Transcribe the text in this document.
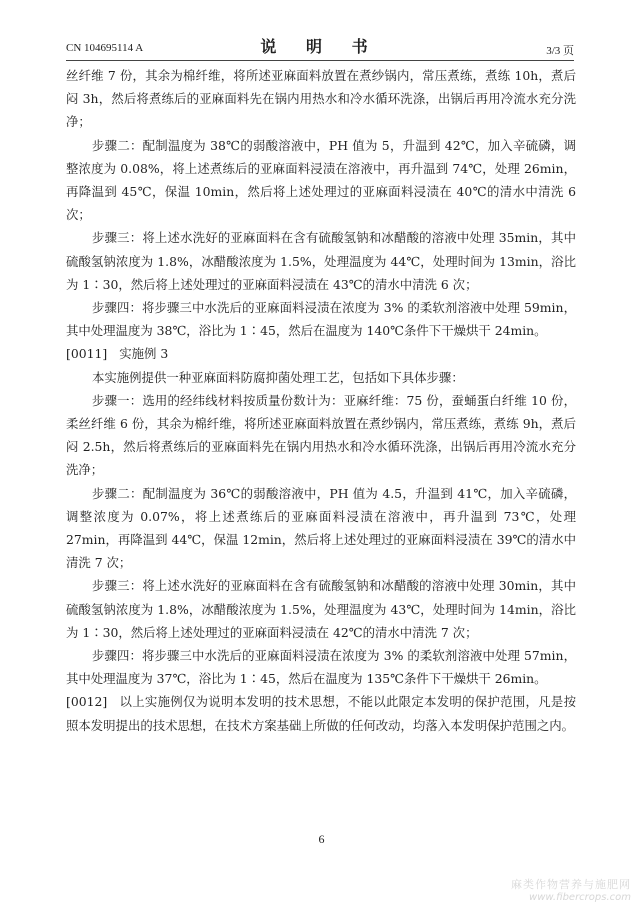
CN 104695114 A	说 明 书	3/3 页

丝纤维 7 份，其余为棉纤维，将所述亚麻面料放置在煮纱锅内，常压煮练，煮练 10h，煮后闷 3h，然后将煮练后的亚麻面料先在锅内用热水和冷水循环洗涤，出锅后再用冷流水充分洗净；

步骤二：配制温度为 38℃的弱酸溶液中，PH 值为 5，升温到 42℃，加入辛硫磷，调整浓度为 0.08%，将上述煮练后的亚麻面料浸渍在溶液中，再升温到 74℃，处理 26min，再降温到 45℃，保温 10min，然后将上述处理过的亚麻面料浸渍在 40℃的清水中清洗 6 次；

步骤三：将上述水洗好的亚麻面料在含有硫酸氢钠和冰醋酸的溶液中处理 35min，其中硫酸氢钠浓度为 1.8%，冰醋酸浓度为 1.5%，处理温度为 44℃，处理时间为 13min，浴比为 1∶30，然后将上述处理过的亚麻面料浸渍在 43℃的清水中清洗 6 次；

步骤四：将步骤三中水洗后的亚麻面料浸渍在浓度为 3% 的柔软剂溶液中处理 59min，其中处理温度为 38℃，浴比为 1∶45，然后在温度为 140℃条件下干燥烘干 24min。

[0011] 实施例 3

本实施例提供一种亚麻面料防腐抑菌处理工艺，包括如下具体步骤：

步骤一：选用的经纬线材料按质量份数计为：亚麻纤维：75 份，蚕蛹蛋白纤维 10 份，柔丝纤维 6 份，其余为棉纤维，将所述亚麻面料放置在煮纱锅内，常压煮练，煮练 9h，煮后闷 2.5h，然后将煮练后的亚麻面料先在锅内用热水和冷水循环洗涤，出锅后再用冷流水充分洗净；

步骤二：配制温度为 36℃的弱酸溶液中，PH 值为 4.5，升温到 41℃，加入辛硫磷，调整浓度为 0.07%，将上述煮练后的亚麻面料浸渍在溶液中，再升温到 73℃，处理 27min，再降温到 44℃，保温 12min，然后将上述处理过的亚麻面料浸渍在 39℃的清水中清洗 7 次；

步骤三：将上述水洗好的亚麻面料在含有硫酸氢钠和冰醋酸的溶液中处理 30min，其中硫酸氢钠浓度为 1.8%，冰醋酸浓度为 1.5%，处理温度为 43℃，处理时间为 14min，浴比为 1∶30，然后将上述处理过的亚麻面料浸渍在 42℃的清水中清洗 7 次；

步骤四：将步骤三中水洗后的亚麻面料浸渍在浓度为 3% 的柔软剂溶液中处理 57min，其中处理温度为 37℃，浴比为 1∶45，然后在温度为 135℃条件下干燥烘干 26min。

[0012] 以上实施例仅为说明本发明的技术思想，不能以此限定本发明的保护范围，凡是按照本发明提出的技术思想，在技术方案基础上所做的任何改动，均落入本发明保护范围之内。

6
麻类作物营养与施肥网
www.fibercrops.com
